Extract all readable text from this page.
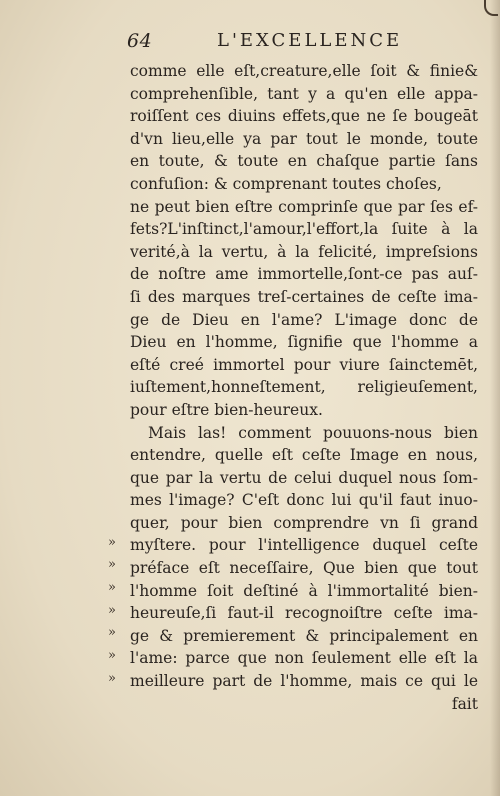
64	L'EXCELLENCE
comme elle eſt,creature,elle ſoit & finie&
comprehenſible, tant y a qu'en elle appa-
roiſſent ces diuins effets,que ne ſe bougeāt
d'vn lieu,elle ya par tout le monde, toute
en toute, & toute en chaſque partie ſans
confuſion: & comprenant toutes choſes,
ne peut bien eſtre comprinſe que par ſes ef-
fets?L'inſtinct,l'amour,l'effort,la ſuite à la
verité,à la vertu, à la felicité, impreſsions
de noſtre ame immortelle,ſont-ce pas auſ-
ſi des marques treſ-certaines de ceſte ima-
ge de Dieu en l'ame? L'image donc de
Dieu en l'homme, ſignifie que l'homme a
eſté creé immortel pour viure ſainctemēt,
iuſtement,honneſtement, religieuſement,
pour eſtre bien-heureux.
Mais las! comment pouuons-nous bien
entendre, quelle eſt ceſte Image en nous,
que par la vertu de celui duquel nous ſom-
mes l'image? C'eſt donc lui qu'il faut inuo-
quer, pour bien comprendre vn ſi grand
myſtere. pour l'intelligence duquel ceſte
préface eſt neceſſaire, Que bien que tout
l'homme ſoit deſtiné à l'immortalité bien-
heureuſe,ſi faut-il recognoiſtre ceſte ima-
ge & premierement & principalement en
l'ame: parce que non ſeulement elle eſt la
meilleure part de l'homme, mais ce qui le
fait
»
»
»
»
»
»
»
